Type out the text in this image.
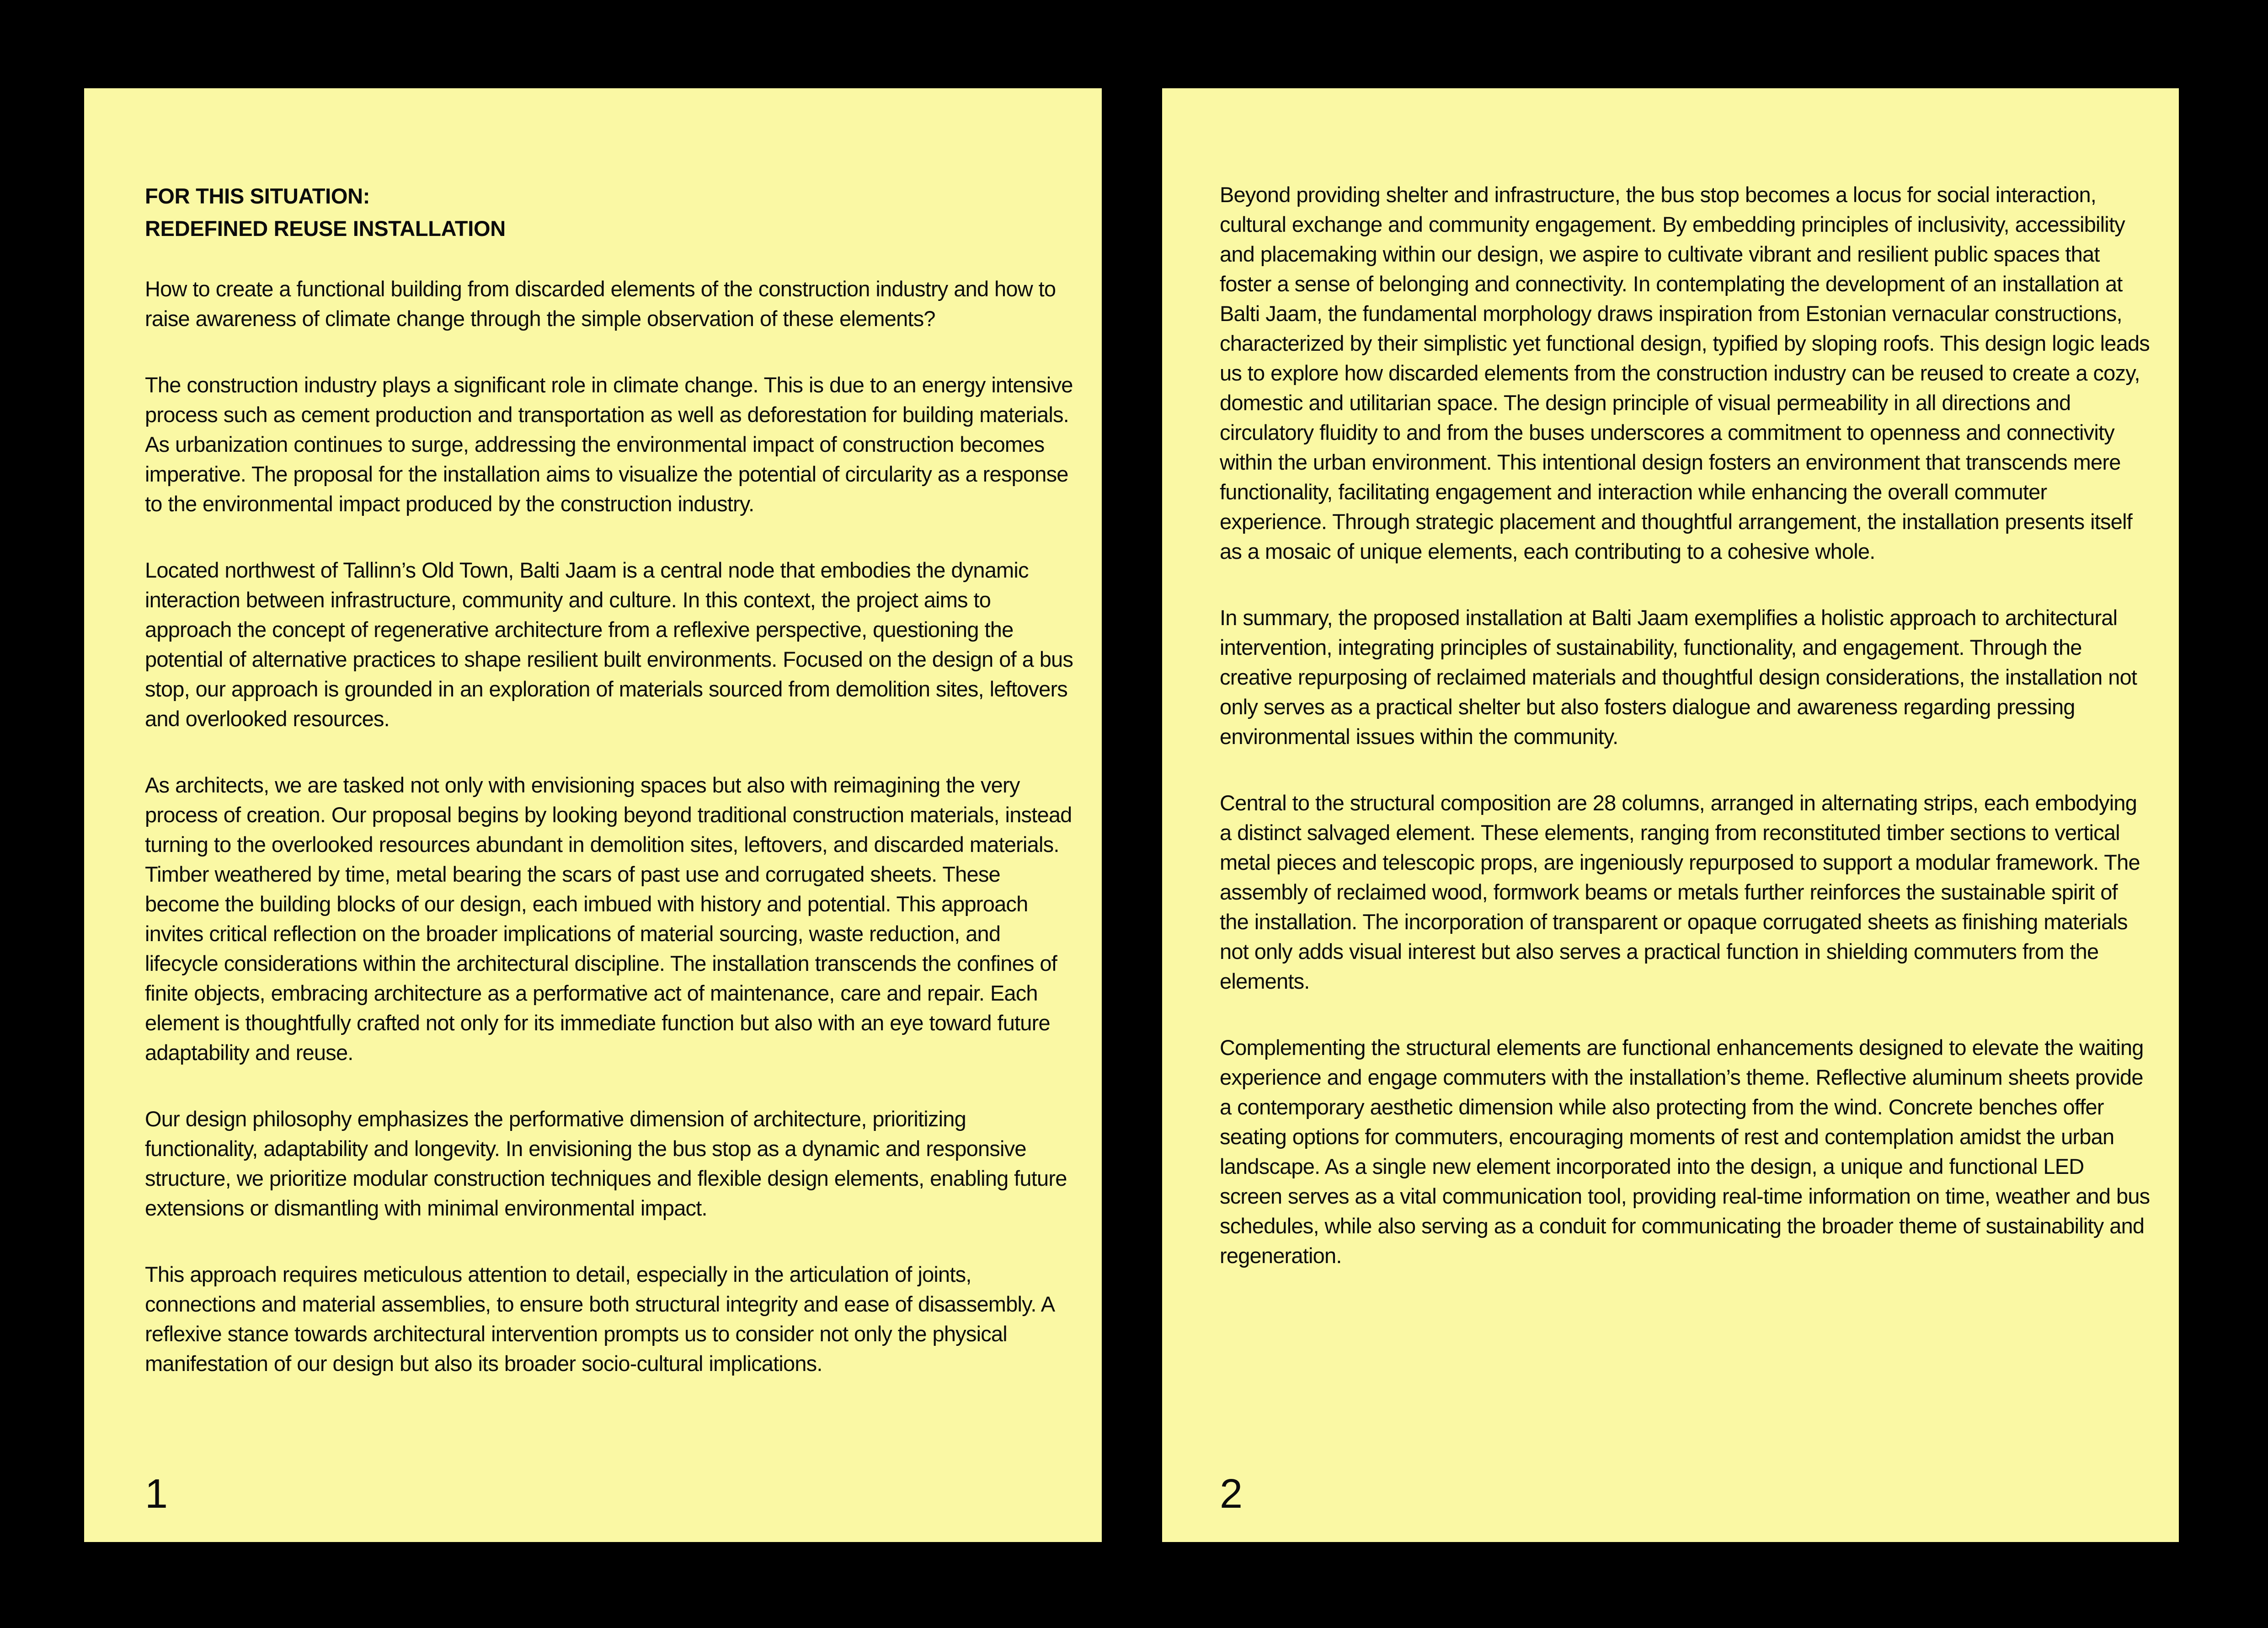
FOR THIS SITUATION:
REDEFINED REUSE INSTALLATION

How to create a functional building from discarded elements of the construction industry and how to raise awareness of climate change through the simple observation of these elements?

The construction industry plays a significant role in climate change. This is due to an energy intensive process such as cement production and transportation as well as deforestation for building materials. As urbanization continues to surge, addressing the environmental impact of construction becomes imperative. The proposal for the installation aims to visualize the potential of circularity as a response to the environmental impact produced by the construction industry.

Located northwest of Tallinn’s Old Town, Balti Jaam is a central node that embodies the dynamic interaction between infrastructure, community and culture. In this context, the project aims to approach the concept of regenerative architecture from a reflexive perspective, questioning the potential of alternative practices to shape resilient built environments. Focused on the design of a bus stop, our approach is grounded in an exploration of materials sourced from demolition sites, leftovers and overlooked resources.

As architects, we are tasked not only with envisioning spaces but also with reimagining the very process of creation. Our proposal begins by looking beyond traditional construction materials, instead turning to the overlooked resources abundant in demolition sites, leftovers, and discarded materials. Timber weathered by time, metal bearing the scars of past use and corrugated sheets. These become the building blocks of our design, each imbued with history and potential. This approach invites critical reflection on the broader implications of material sourcing, waste reduction, and lifecycle considerations within the architectural discipline. The installation transcends the confines of finite objects, embracing architecture as a performative act of maintenance, care and repair. Each element is thoughtfully crafted not only for its immediate function but also with an eye toward future adaptability and reuse.

Our design philosophy emphasizes the performative dimension of architecture, prioritizing functionality, adaptability and longevity. In envisioning the bus stop as a dynamic and responsive structure, we prioritize modular construction techniques and flexible design elements, enabling future extensions or dismantling with minimal environmental impact.

This approach requires meticulous attention to detail, especially in the articulation of joints, connections and material assemblies, to ensure both structural integrity and ease of disassembly. A reflexive stance towards architectural intervention prompts us to consider not only the physical manifestation of our design but also its broader socio-cultural implications.

1

Beyond providing shelter and infrastructure, the bus stop becomes a locus for social interaction, cultural exchange and community engagement. By embedding principles of inclusivity, accessibility and placemaking within our design, we aspire to cultivate vibrant and resilient public spaces that foster a sense of belonging and connectivity. In contemplating the development of an installation at Balti Jaam, the fundamental morphology draws inspiration from Estonian vernacular constructions, characterized by their simplistic yet functional design, typified by sloping roofs. This design logic leads us to explore how discarded elements from the construction industry can be reused to create a cozy, domestic and utilitarian space. The design principle of visual permeability in all directions and circulatory fluidity to and from the buses underscores a commitment to openness and connectivity within the urban environment. This intentional design fosters an environment that transcends mere functionality, facilitating engagement and interaction while enhancing the overall commuter experience. Through strategic placement and thoughtful arrangement, the installation presents itself as a mosaic of unique elements, each contributing to a cohesive whole.

In summary, the proposed installation at Balti Jaam exemplifies a holistic approach to architectural intervention, integrating principles of sustainability, functionality, and engagement. Through the creative repurposing of reclaimed materials and thoughtful design considerations, the installation not only serves as a practical shelter but also fosters dialogue and awareness regarding pressing environmental issues within the community.

Central to the structural composition are 28 columns, arranged in alternating strips, each embodying a distinct salvaged element. These elements, ranging from reconstituted timber sections to vertical metal pieces and telescopic props, are ingeniously repurposed to support a modular framework. The assembly of reclaimed wood, formwork beams or metals further reinforces the sustainable spirit of the installation. The incorporation of transparent or opaque corrugated sheets as finishing materials not only adds visual interest but also serves a practical function in shielding commuters from the elements.

Complementing the structural elements are functional enhancements designed to elevate the waiting experience and engage commuters with the installation’s theme. Reflective aluminum sheets provide a contemporary aesthetic dimension while also protecting from the wind. Concrete benches offer seating options for commuters, encouraging moments of rest and contemplation amidst the urban landscape. As a single new element incorporated into the design, a unique and functional LED screen serves as a vital communication tool, providing real-time information on time, weather and bus schedules, while also serving as a conduit for communicating the broader theme of sustainability and regeneration.

2
